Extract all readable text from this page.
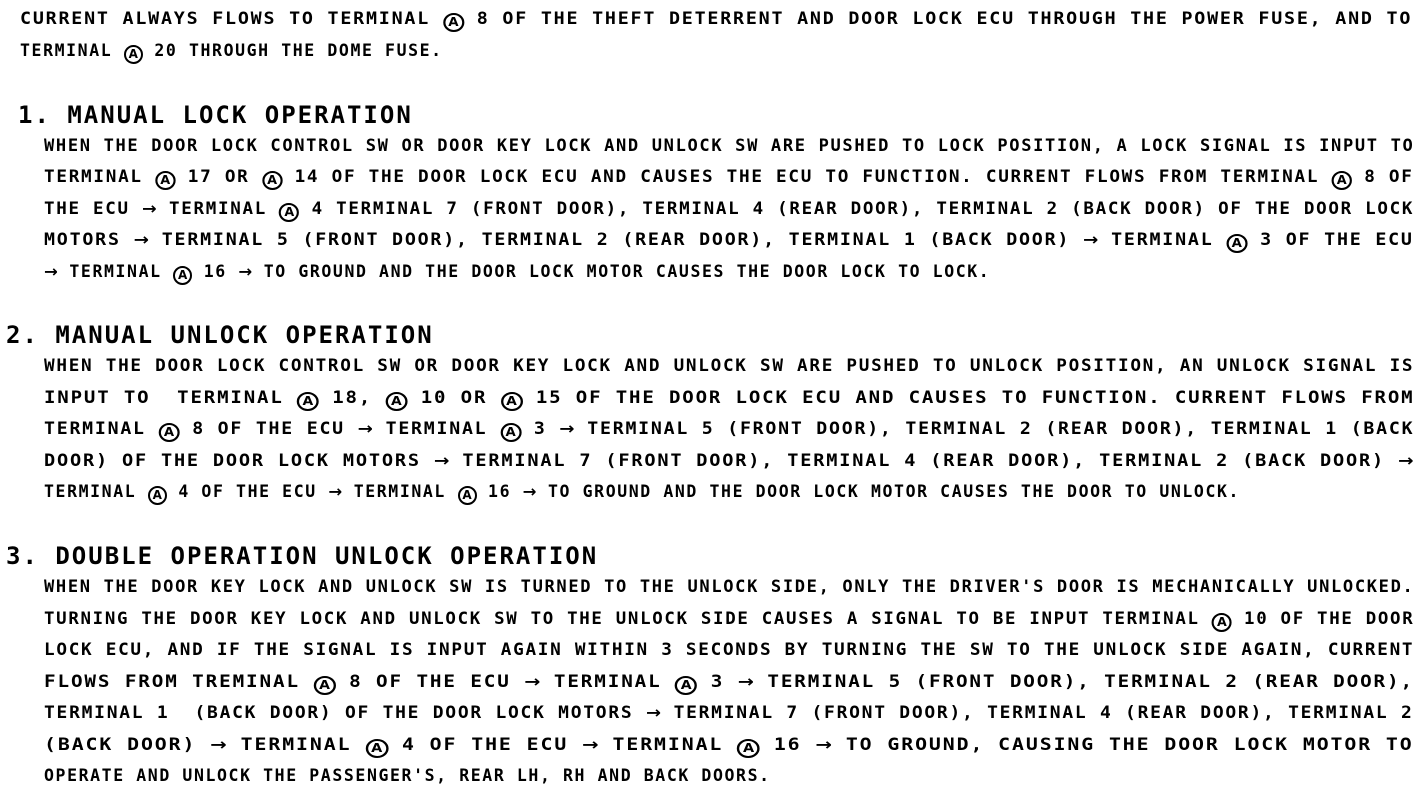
CURRENT ALWAYS FLOWS TO TERMINAL A 8 OF THE THEFT DETERRENT AND DOOR LOCK ECU THROUGH THE POWER FUSE, AND TO
TERMINAL A 20 THROUGH THE DOME FUSE.
1. MANUAL LOCK OPERATION
WHEN THE DOOR LOCK CONTROL SW OR DOOR KEY LOCK AND UNLOCK SW ARE PUSHED TO LOCK POSITION, A LOCK SIGNAL IS INPUT TO
TERMINAL A 17 OR A 14 OF THE DOOR LOCK ECU AND CAUSES THE ECU TO FUNCTION. CURRENT FLOWS FROM TERMINAL A 8 OF
THE ECU → TERMINAL A 4 TERMINAL 7 (FRONT DOOR), TERMINAL 4 (REAR DOOR), TERMINAL 2 (BACK DOOR) OF THE DOOR LOCK
MOTORS → TERMINAL 5 (FRONT DOOR), TERMINAL 2 (REAR DOOR), TERMINAL 1 (BACK DOOR) → TERMINAL A 3 OF THE ECU
→ TERMINAL A 16 → TO GROUND AND THE DOOR LOCK MOTOR CAUSES THE DOOR LOCK TO LOCK.
2. MANUAL UNLOCK OPERATION
WHEN THE DOOR LOCK CONTROL SW OR DOOR KEY LOCK AND UNLOCK SW ARE PUSHED TO UNLOCK POSITION, AN UNLOCK SIGNAL IS
INPUT TO  TERMINAL A 18, A 10 OR A 15 OF THE DOOR LOCK ECU AND CAUSES TO FUNCTION. CURRENT FLOWS FROM
TERMINAL A 8 OF THE ECU → TERMINAL A 3 → TERMINAL 5 (FRONT DOOR), TERMINAL 2 (REAR DOOR), TERMINAL 1 (BACK
DOOR) OF THE DOOR LOCK MOTORS → TERMINAL 7 (FRONT DOOR), TERMINAL 4 (REAR DOOR), TERMINAL 2 (BACK DOOR) →
TERMINAL A 4 OF THE ECU → TERMINAL A 16 → TO GROUND AND THE DOOR LOCK MOTOR CAUSES THE DOOR TO UNLOCK.
3. DOUBLE OPERATION UNLOCK OPERATION
WHEN THE DOOR KEY LOCK AND UNLOCK SW IS TURNED TO THE UNLOCK SIDE, ONLY THE DRIVER'S DOOR IS MECHANICALLY UNLOCKED.
TURNING THE DOOR KEY LOCK AND UNLOCK SW TO THE UNLOCK SIDE CAUSES A SIGNAL TO BE INPUT TERMINAL A 10 OF THE DOOR
LOCK ECU, AND IF THE SIGNAL IS INPUT AGAIN WITHIN 3 SECONDS BY TURNING THE SW TO THE UNLOCK SIDE AGAIN, CURRENT
FLOWS FROM TREMINAL A 8 OF THE ECU → TERMINAL A 3 → TERMINAL 5 (FRONT DOOR), TERMINAL 2 (REAR DOOR),
TERMINAL 1  (BACK DOOR) OF THE DOOR LOCK MOTORS → TERMINAL 7 (FRONT DOOR), TERMINAL 4 (REAR DOOR), TERMINAL 2
(BACK DOOR) → TERMINAL A 4 OF THE ECU → TERMINAL A 16 → TO GROUND, CAUSING THE DOOR LOCK MOTOR TO
OPERATE AND UNLOCK THE PASSENGER'S, REAR LH, RH AND BACK DOORS.
